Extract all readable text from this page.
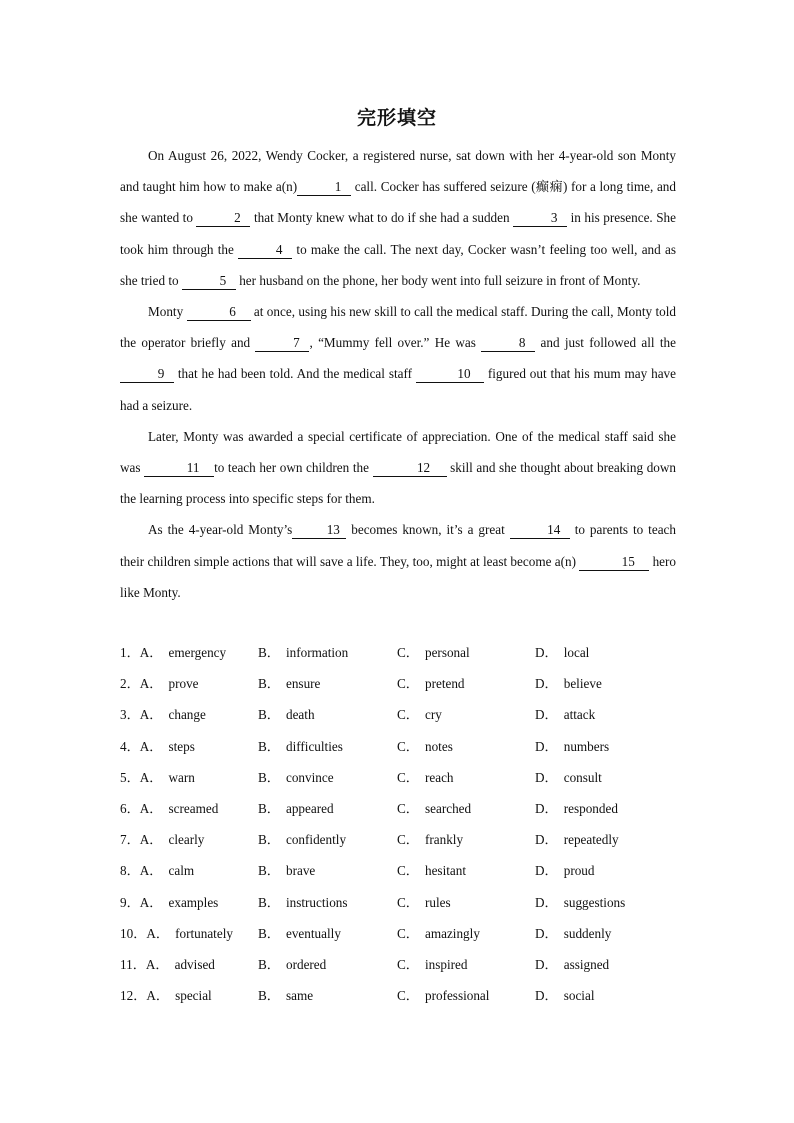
完形填空

On August 26, 2022, Wendy Cocker, a registered nurse, sat down with her 4-year-old son Monty and taught him how to make a(n)	1 call. Cocker has suffered seizure (癫痫) for a long time, and she wanted to	2 that Monty knew what to do if she had a sudden	3 in his presence. She took him through the	4 to make the call. The next day, Cocker wasn’t feeling too well, and as she tried to	5 her husband on the phone, her body went into full seizure in front of Monty.

Monty	6 at once, using his new skill to call the medical staff. During the call, Monty told the operator briefly and	7 , “Mummy fell over.” He was	8 and just followed all the 9 that he had been told. And the medical staff	10 figured out that his mum may have had a seizure.

Later, Monty was awarded a special certificate of appreciation. One of the medical staff said she was	11 to teach her own children the	12 skill and she thought about breaking down the learning process into specific steps for them.

As the 4-year-old Monty’s	13 becomes known, it’s a great	14 to parents to teach their children simple actions that will save a life. They, too, might at least become a(n)	15 hero like Monty.

1．A． emergency B． information	C． personal	D． local
2．A． prove	B． ensure	C． pretend	D． believe
3．A． change	B． death	C． cry	D． attack
4．A． steps	B． difficulties	C． notes	D． numbers
5．A． warn	B． convince	C． reach	D． consult
6．A． screamed	B． appeared	C． searched	D． responded
7．A． clearly	B． confidently	C． frankly	D． repeatedly
8．A． calm	B． brave	C． hesitant	D． proud
9．A． examples	B． instructions	C． rules	D． suggestions
10．A． fortunately B． eventually	C． amazingly	D． suddenly
11．A． advised	B． ordered	C． inspired	D． assigned
12．A． special	B． same	C． professional	D． social
